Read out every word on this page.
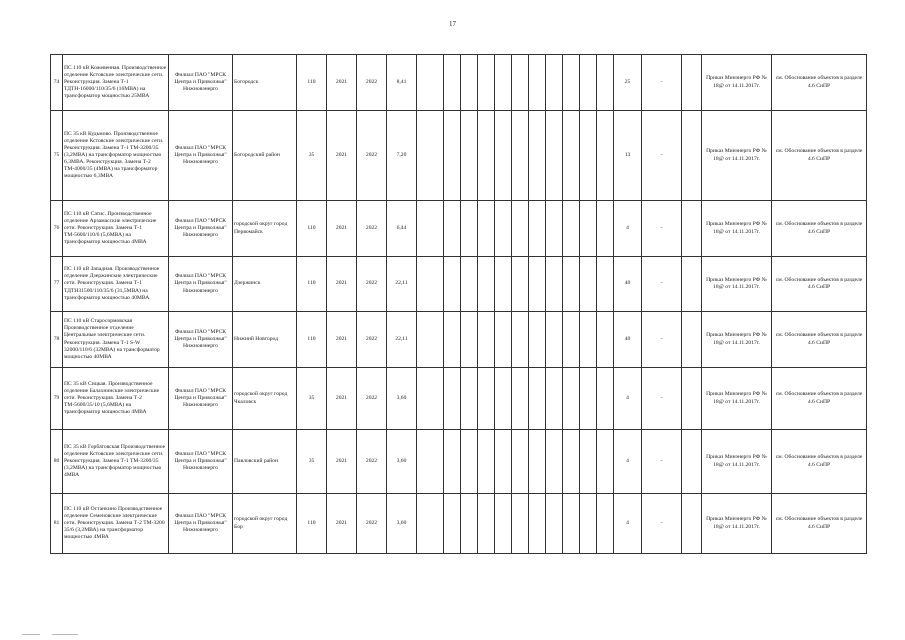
17
74	ПС 110 кВ Кожевенная. Производственное отделение Кстовские электрические сети. Реконструкция. Замена Т-1 ТДТН-16000/110/35/6 (16МВА) на трансформатор мощностью 25МВА	Филиал ПАО "МРСК Центра и Приволжья" Нижновэнерго	Богородск	110	2021	2022	8,41												25	-		Приказ Минэнерго РФ № 18@ от 14.11.2017г.	см. Обоснование объектов в разделе 4.6 СиПР
75	ПС 35 кВ Кудьмово. Производственное отделение Кстовские электрические сети. Реконструкция. Замена Т-1 ТМ-3200/35 (3,2МВА) на трансформатор мощностью 6,3МВА. Реконструкция. Замена Т-2 ТМ-4000/35 (4МВА) на трансформатор мощностью 6,3МВА	Филиал ПАО "МРСК Центра и Приволжья" Нижновэнерго	Богородский район	35	2021	2022	7,20												13	-		Приказ Минэнерго РФ № 18@ от 14.11.2017г.	см. Обоснование объектов в разделе 4.6 СиПР
76	ПС 110 кВ Сатис. Производственное отделение Арзамасские электрические сети. Реконструкция. Замена Т-1 ТМ-5600/110/6 (5,6МВА) на трансформатор мощностью 4МВА	Филиал ПАО "МРСК Центра и Приволжья" Нижновэнерго	городской округ город Первомайск	110	2021	2022	6,44												4	-		Приказ Минэнерго РФ № 18@ от 14.11.2017г.	см. Обоснование объектов в разделе 4.6 СиПР
77	ПС 110 кВ Западная. Производственное отделение Дзержинские электрические сети. Реконструкция. Замена Т-1 ТДТН31500/110/35/6 (31,5МВА) на трансформатор мощностью 40МВА	Филиал ПАО "МРСК Центра и Приволжья" Нижновэнерго	Дзержинск	110	2021	2022	22,11												40	-		Приказ Минэнерго РФ № 18@ от 14.11.2017г.	см. Обоснование объектов в разделе 4.6 СиПР
78	ПС 110 кВ Старосормовская Производственное отделение Центральные электрические сети. Реконструкция. Замена Т-1 S-W 32000/110/6 (32МВА) на трансформатор мощностью 40МВА	Филиал ПАО "МРСК Центра и Приволжья" Нижновэнерго	Нижний Новгород	110	2021	2022	22,11												40	-		Приказ Минэнерго РФ № 18@ от 14.11.2017г.	см. Обоснование объектов в разделе 4.6 СиПР
79	ПС 35 кВ Сицкая. Производственное отделение Балахнинские электрические сети. Реконструкция. Замена Т-2 ТМ-5600/35/10 (5,6МВА) на трансформатор мощностью 4МВА	Филиал ПАО "МРСК Центра и Приволжья" Нижновэнерго	городской округ город Чкаловск	35	2021	2022	3,60												4	-		Приказ Минэнерго РФ № 18@ от 14.11.2017г.	см. Обоснование объектов в разделе 4.6 СиПР
80	ПС 35 кВ Горбатовская Производственное отделение Кстовские электрические сети. Реконструкция. Замена Т-1 ТМ-3200/35 (3,2МВА) на трансформатор мощностью 4МВА	Филиал ПАО "МРСК Центра и Приволжья" Нижновэнерго	Павловский район	35	2021	2022	3,60												4	-		Приказ Минэнерго РФ № 18@ от 14.11.2017г.	см. Обоснование объектов в разделе 4.6 СиПР
81	ПС 110 кВ Останкино Производственное отделение Семеновские электрические сети. Реконструкция. Замена Т-2 ТМ-3200 35/6 (3,2МВА) на трансформатор мощностью 4МВА	Филиал ПАО "МРСК Центра и Приволжья" Нижновэнерго	городской округ город Бор	110	2021	2022	3,60												4	-		Приказ Минэнерго РФ № 18@ от 14.11.2017г.	см. Обоснование объектов в разделе 4.6 СиПР
